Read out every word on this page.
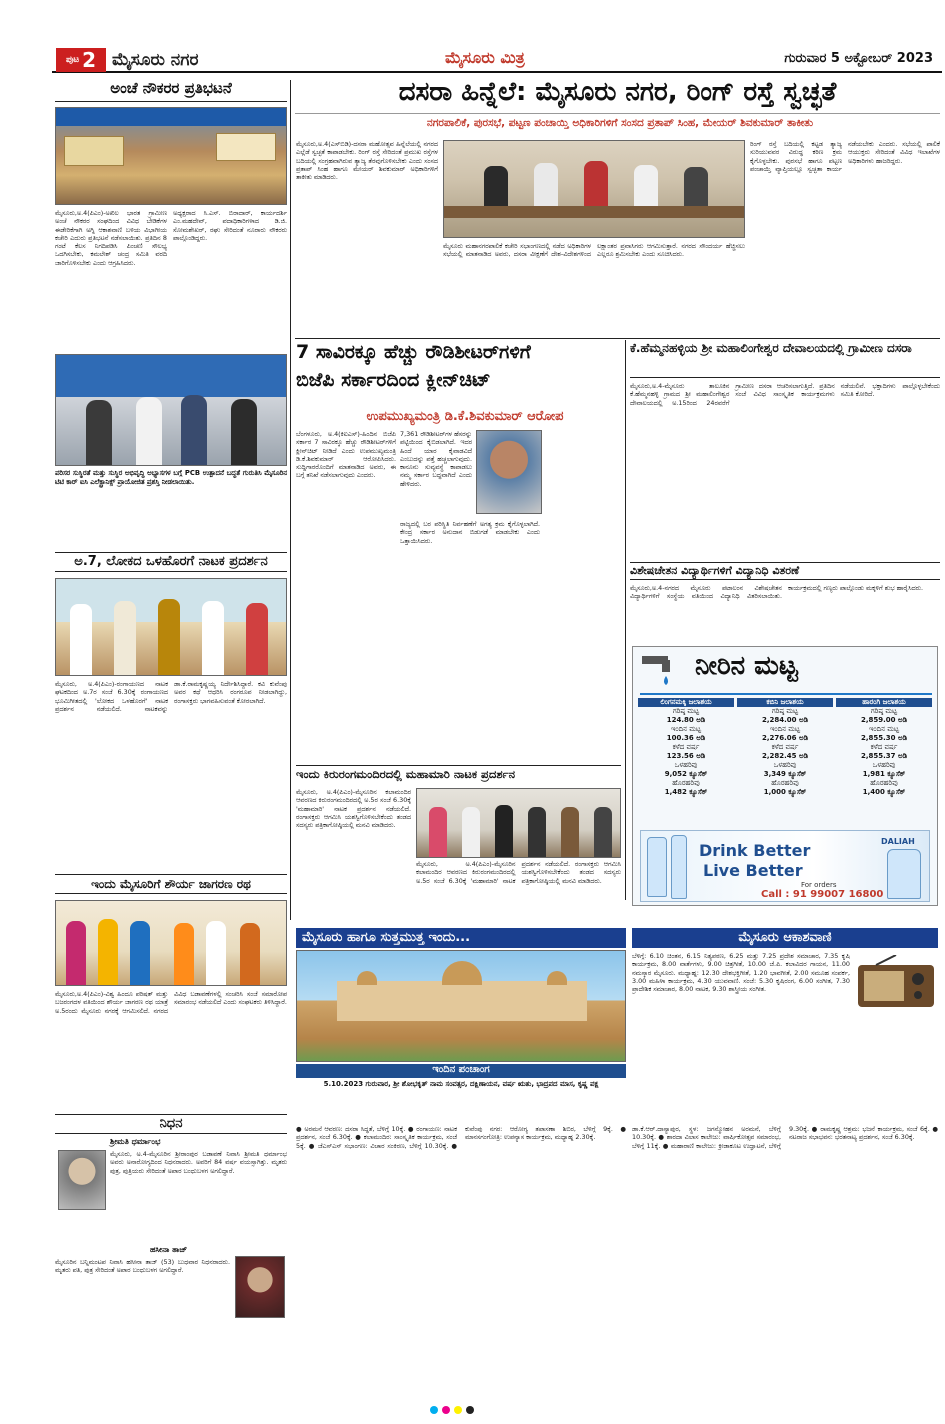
ಪುಟ 2 ಮೈಸೂರು ನಗರ	ಮೈಸೂರು ಮಿತ್ರ	ಗುರುವಾರ 5 ಅಕ್ಟೋಬರ್ 2023
ಅಂಚೆ ನೌಕರರ ಪ್ರತಿಭಟನೆ
ಮೈಸೂರು,ಅ.4(ಪಿಎಂ)-ಅಖಿಲ ಭಾರತ ಗ್ರಾಮೀಣ ಅಂಚೆ ನೌಕರರ ಸಂಘದಿಂದ ವಿವಿಧ ಬೇಡಿಕೆಗಳ ಈಡೇರಿಕೆಗಾಗಿ ಅಗ್ನಿ ಆಕಾಶವಾಣಿ ಬಳಿಯ ವಿಭಾಗೀಯ ಕಚೇರಿ ಎದುರು ಪ್ರತಿಭಟನೆ ನಡೆಸಲಾಯಿತು. ಪ್ರತಿದಿನ 8 ಗಂಟೆ ಕೆಲಸ ನಿಗದಿಪಡಿಸಿ ಪಿಂಚಣಿ ಸೌಲಭ್ಯ ಒದಗಿಸಬೇಕು, ಕಮಲೇಶ್ ಚಂದ್ರ ಸಮಿತಿ ವರದಿ ಜಾರಿಗೊಳಿಸಬೇಕು ಎಂದು ಆಗ್ರಹಿಸಿದರು.
ಅಧ್ಯಕ್ಷರಾದ ಸಿ.ಎಸ್. ಬಿರಾದಾರ್, ಕಾರ್ಯದರ್ಶಿ ಎಂ.ಮಹದೇವ್, ಪದಾಧಿಕಾರಿಗಳಾದ ಡಿ.ಜಿ. ಸೋಮಶೇಖರ್, ರಘು ಸೇರಿದಂತೆ ನೂರಾರು ನೌಕರರು ಪಾಲ್ಗೊಂಡಿದ್ದರು.
ಪರಿಸರ ಸುಸ್ಥಿರತೆ ಮತ್ತು ಸುಸ್ಥಿರ ಅಭಿವೃದ್ಧಿ ಅಭ್ಯಾಸಗಳ ಬಗ್ಗೆ PCB ಉತ್ಪಾದನೆ ಬದ್ಧತೆ ಗುರುತಿಸಿ ಮೈಸೂರಿನ ಟಿಟಿ ಕಾರ್ ಐಸಿ ಎಲೆಕ್ಟ್ರಾನಿಕ್ಸ್ ಪ್ರಾಯೋಜಿತ ಪ್ರಶಸ್ತಿ ನೀಡಲಾಯಿತು.
ಅ.7, ಲೋಕದ ಒಳಹೊರಗೆ ನಾಟಕ ಪ್ರದರ್ಶನ
ಮೈಸೂರು, ಅ.4(ಪಿಎಂ)-ರಂಗಾಯಣದ ನಾಟಕ ಘಟಕದಿಂದ ಅ.7ರ ಸಂಜೆ 6.30ಕ್ಕೆ ರಂಗಾಯಣದ ಭೂಮಿಗೀತದಲ್ಲಿ 'ಲೋಕದ ಒಳಹೊರಗೆ' ನಾಟಕ ಪ್ರದರ್ಶನ ನಡೆಯಲಿದೆ. ನಾಟಕವನ್ನು ಡಾ.ಕೆ.ರಾಮಕೃಷ್ಣಯ್ಯ ನಿರ್ದೇಶಿಸಿದ್ದಾರೆ. ಕವಿ ಕುವೆಂಪು ಅವರ ಕಥೆ ಆಧರಿಸಿ ರಂಗರೂಪ ನೀಡಲಾಗಿದ್ದು, ರಂಗಾಸಕ್ತರು ಭಾಗವಹಿಸುವಂತೆ ಕೋರಲಾಗಿದೆ.
ಇಂದು ಮೈಸೂರಿಗೆ ಶೌರ್ಯ ಜಾಗರಣ ರಥ
ಮೈಸೂರು,ಅ.4(ಪಿಎಂ)-ವಿಶ್ವ ಹಿಂದೂ ಪರಿಷತ್ ಮತ್ತು ಬಜರಂಗದಳ ವತಿಯಿಂದ ಶೌರ್ಯ ಜಾಗರಣ ರಥ ಯಾತ್ರೆ ಅ.5ರಂದು ಮೈಸೂರು ನಗರಕ್ಕೆ ಆಗಮಿಸಲಿದೆ. ನಗರದ ವಿವಿಧ ಬಡಾವಣೆಗಳಲ್ಲಿ ಸಂಚರಿಸಿ ಸಂಜೆ ಸಮಾರೋಪ ಸಮಾರಂಭ ನಡೆಯಲಿದೆ ಎಂದು ಸಂಘಟಕರು ತಿಳಿಸಿದ್ದಾರೆ.
ನಿಧನ
ಶ್ರೀಮತಿ ಧರ್ಮಾಂಭ
ಮೈಸೂರು, ಅ.4-ಮೈಸೂರಿನ ಶ್ರೀರಾಂಪುರ ಬಡಾವಣೆ ನಿವಾಸಿ ಶ್ರೀಮತಿ ಧರ್ಮಾಂಭ ಅವರು ಅನಾರೋಗ್ಯದಿಂದ ನಿಧನರಾದರು. ಅವರಿಗೆ 84 ವರ್ಷ ವಯಸ್ಸಾಗಿತ್ತು. ಮೃತರು ಪುತ್ರ, ಪುತ್ರಿಯರು ಸೇರಿದಂತೆ ಅಪಾರ ಬಂಧುಬಳಗ ಅಗಲಿದ್ದಾರೆ.
ಹಸೀನಾ ತಾಜ್
ಮೈಸೂರಿನ ಬನ್ನಿಮಂಟಪ ನಿವಾಸಿ ಹಸೀನಾ ತಾಜ್ (53) ಬುಧವಾರ ನಿಧನರಾದರು. ಮೃತರು ಪತಿ, ಪುತ್ರ ಸೇರಿದಂತೆ ಅಪಾರ ಬಂಧುಬಳಗ ಅಗಲಿದ್ದಾರೆ.
ದಸರಾ ಹಿನ್ನೆಲೆ: ಮೈಸೂರು ನಗರ, ರಿಂಗ್ ರಸ್ತೆ ಸ್ವಚ್ಛತೆ
ನಗರಪಾಲಿಕೆ, ಪುರಸಭೆ, ಪಟ್ಟಣ ಪಂಚಾಯ್ತಿ ಅಧಿಕಾರಿಗಳಿಗೆ ಸಂಸದ ಪ್ರತಾಪ್ ಸಿಂಹ, ಮೇಯರ್ ಶಿವಕುಮಾರ್ ತಾಕೀತು
ಮೈಸೂರು,ಅ.4(ಎಸ್‌ಬಿಡಿ)-ದಸರಾ ಮಹೋತ್ಸವ ಹಿನ್ನೆಲೆಯಲ್ಲಿ ನಗರದ ಎಲ್ಲೆಡೆ ಸ್ವಚ್ಛತೆ ಕಾಪಾಡಬೇಕು. ರಿಂಗ್ ರಸ್ತೆ ಸೇರಿದಂತೆ ಪ್ರಮುಖ ರಸ್ತೆಗಳ ಬದಿಯಲ್ಲಿ ಸಂಗ್ರಹವಾಗಿರುವ ತ್ಯಾಜ್ಯ ತೆರವುಗೊಳಿಸಬೇಕು ಎಂದು ಸಂಸದ ಪ್ರತಾಪ್ ಸಿಂಹ ಹಾಗೂ ಮೇಯರ್ ಶಿವಕುಮಾರ್ ಅಧಿಕಾರಿಗಳಿಗೆ ತಾಕೀತು ಮಾಡಿದರು.
ಮೈಸೂರು ಮಹಾನಗರಪಾಲಿಕೆ ಕಚೇರಿ ಸಭಾಂಗಣದಲ್ಲಿ ನಡೆದ ಅಧಿಕಾರಿಗಳ ಸಭೆಯಲ್ಲಿ ಮಾತನಾಡಿದ ಅವರು, ದಸರಾ ವೀಕ್ಷಣೆಗೆ ದೇಶ-ವಿದೇಶಗಳಿಂದ ಲಕ್ಷಾಂತರ ಪ್ರವಾಸಿಗರು ಆಗಮಿಸುತ್ತಾರೆ. ನಗರದ ಸೌಂದರ್ಯ ಹೆಚ್ಚಿಸಲು ಎಲ್ಲರೂ ಶ್ರಮಿಸಬೇಕು ಎಂದು ಸೂಚಿಸಿದರು.
ರಿಂಗ್ ರಸ್ತೆ ಬದಿಯಲ್ಲಿ ಕಟ್ಟಡ ತ್ಯಾಜ್ಯ ಸುರಿಯುವವರ ವಿರುದ್ಧ ಕಠಿಣ ಕ್ರಮ ಕೈಗೊಳ್ಳಬೇಕು. ಪುರಸಭೆ ಹಾಗೂ ಪಟ್ಟಣ ಪಂಚಾಯ್ತಿ ವ್ಯಾಪ್ತಿಯಲ್ಲೂ ಸ್ವಚ್ಛತಾ ಕಾರ್ಯ ನಡೆಯಬೇಕು ಎಂದರು. ಸಭೆಯಲ್ಲಿ ಪಾಲಿಕೆ ಆಯುಕ್ತರು ಸೇರಿದಂತೆ ವಿವಿಧ ಇಲಾಖೆಗಳ ಅಧಿಕಾರಿಗಳು ಹಾಜರಿದ್ದರು.
7 ಸಾವಿರಕ್ಕೂ ಹೆಚ್ಚು ರೌಡಿಶೀಟರ್‌ಗಳಿಗೆ
ಬಿಜೆಪಿ ಸರ್ಕಾರದಿಂದ ಕ್ಲೀನ್‌ಚಿಟ್
ಉಪಮುಖ್ಯಮಂತ್ರಿ ಡಿ.ಕೆ.ಶಿವಕುಮಾರ್ ಆರೋಪ
ಬೆಂಗಳೂರು, ಅ.4(ಕಿಐಎಸ್)-ಹಿಂದಿನ ಬಿಜೆಪಿ ಸರ್ಕಾರ 7 ಸಾವಿರಕ್ಕೂ ಹೆಚ್ಚು ರೌಡಿಶೀಟರ್‌ಗಳಿಗೆ ಕ್ಲೀನ್‌ಚಿಟ್ ನೀಡಿದೆ ಎಂದು ಉಪಮುಖ್ಯಮಂತ್ರಿ ಡಿ.ಕೆ.ಶಿವಕುಮಾರ್ ಆರೋಪಿಸಿದರು. ಸುದ್ದಿಗಾರರೊಂದಿಗೆ ಮಾತನಾಡಿದ ಅವರು, ಈ ಬಗ್ಗೆ ತನಿಖೆ ನಡೆಸಲಾಗುವುದು ಎಂದರು.
7,361 ರೌಡಿಶೀಟರ್‌ಗಳ ಹೆಸರನ್ನು ಪಟ್ಟಿಯಿಂದ ಕೈಬಿಡಲಾಗಿದೆ. ಇದರ ಹಿಂದೆ ಯಾರ ಕೈವಾಡವಿದೆ ಎಂಬುದನ್ನು ಪತ್ತೆ ಹಚ್ಚಲಾಗುವುದು. ಕಾನೂನು ಸುವ್ಯವಸ್ಥೆ ಕಾಪಾಡಲು ನಮ್ಮ ಸರ್ಕಾರ ಬದ್ಧವಾಗಿದೆ ಎಂದು ಹೇಳಿದರು.
ರಾಜ್ಯದಲ್ಲಿ ಬರ ಪರಿಸ್ಥಿತಿ ನಿರ್ವಹಣೆಗೆ ಅಗತ್ಯ ಕ್ರಮ ಕೈಗೊಳ್ಳಲಾಗಿದೆ. ಕೇಂದ್ರ ಸರ್ಕಾರ ಅನುದಾನ ಬಿಡುಗಡೆ ಮಾಡಬೇಕು ಎಂದು ಒತ್ತಾಯಿಸಿದರು.
ಇಂದು ಕಿರುರಂಗಮಂದಿರದಲ್ಲಿ ಮಹಾಮಾರಿ ನಾಟಕ ಪ್ರದರ್ಶನ
ಮೈಸೂರು, ಅ.4(ಪಿಎಂ)-ಮೈಸೂರಿನ ಕಲಾಮಂದಿರ ಆವರಣದ ಕಿರುರಂಗಮಂದಿರದಲ್ಲಿ ಅ.5ರ ಸಂಜೆ 6.30ಕ್ಕೆ 'ಮಹಾಮಾರಿ' ನಾಟಕ ಪ್ರದರ್ಶನ ನಡೆಯಲಿದೆ. ರಂಗಾಸಕ್ತರು ಆಗಮಿಸಿ ಯಶಸ್ವಿಗೊಳಿಸಬೇಕೆಂದು ತಂಡದ ಸದಸ್ಯರು ಪತ್ರಿಕಾಗೋಷ್ಠಿಯಲ್ಲಿ ಮನವಿ ಮಾಡಿದರು.
ಮೈಸೂರು, ಅ.4(ಪಿಎಂ)-ಮೈಸೂರಿನ ಕಲಾಮಂದಿರ ಆವರಣದ ಕಿರುರಂಗಮಂದಿರದಲ್ಲಿ ಅ.5ರ ಸಂಜೆ 6.30ಕ್ಕೆ 'ಮಹಾಮಾರಿ' ನಾಟಕ ಪ್ರದರ್ಶನ ನಡೆಯಲಿದೆ. ರಂಗಾಸಕ್ತರು ಆಗಮಿಸಿ ಯಶಸ್ವಿಗೊಳಿಸಬೇಕೆಂದು ತಂಡದ ಸದಸ್ಯರು ಪತ್ರಿಕಾಗೋಷ್ಠಿಯಲ್ಲಿ ಮನವಿ ಮಾಡಿದರು.
ಕೆ.ಹೆಮ್ಮನಹಳ್ಳಿಯ ಶ್ರೀ ಮಹಾಲಿಂಗೇಶ್ವರ ದೇವಾಲಯದಲ್ಲಿ ಗ್ರಾಮೀಣ ದಸರಾ
ಮೈಸೂರು,ಅ.4-ಮೈಸೂರು ತಾಲೂಕಿನ ಕೆ.ಹೆಮ್ಮನಹಳ್ಳಿ ಗ್ರಾಮದ ಶ್ರೀ ಮಹಾಲಿಂಗೇಶ್ವರ ದೇವಾಲಯದಲ್ಲಿ ಅ.15ರಿಂದ 24ರವರೆಗೆ ಗ್ರಾಮೀಣ ದಸರಾ ಆಚರಿಸಲಾಗುತ್ತಿದೆ. ಪ್ರತಿದಿನ ಸಂಜೆ ವಿವಿಧ ಸಾಂಸ್ಕೃತಿಕ ಕಾರ್ಯಕ್ರಮಗಳು ನಡೆಯಲಿವೆ. ಭಕ್ತಾದಿಗಳು ಪಾಲ್ಗೊಳ್ಳಬೇಕೆಂದು ಸಮಿತಿ ಕೋರಿದೆ.
ವಿಶೇಷಚೇತನ ವಿದ್ಯಾರ್ಥಿಗಳಿಗೆ ವಿದ್ಯಾನಿಧಿ ವಿತರಣೆ
ಮೈಸೂರು,ಅ.4-ನಗರದ ಮೈಸೂರು ಪಟಾಲಂನ ವಿಶೇಷಚೇತನ ವಿದ್ಯಾರ್ಥಿಗಳಿಗೆ ಸಂಸ್ಥೆಯ ವತಿಯಿಂದ ವಿದ್ಯಾನಿಧಿ ವಿತರಿಸಲಾಯಿತು. ಕಾರ್ಯಕ್ರಮದಲ್ಲಿ ಗಣ್ಯರು ಪಾಲ್ಗೊಂಡು ಮಕ್ಕಳಿಗೆ ಶುಭ ಹಾರೈಸಿದರು.
ನೀರಿನ ಮಟ್ಟ
ಲಿಂಗನಮಕ್ಕಿ ಜಲಾಶಯ
ಗರಿಷ್ಠ ಮಟ್ಟ
124.80 ಅಡಿ
ಇಂದಿನ ಮಟ್ಟ
100.36 ಅಡಿ
ಕಳೆದ ವರ್ಷ
123.56 ಅಡಿ
ಒಳಹರಿವು
9,052 ಕ್ಯೂಸೆಕ್
ಹೊರಹರಿವು
1,482 ಕ್ಯೂಸೆಕ್
ಕಬಿನಿ ಜಲಾಶಯ
ಗರಿಷ್ಠ ಮಟ್ಟ
2,284.00 ಅಡಿ
ಇಂದಿನ ಮಟ್ಟ
2,276.06 ಅಡಿ
ಕಳೆದ ವರ್ಷ
2,282.45 ಅಡಿ
ಒಳಹರಿವು
3,349 ಕ್ಯೂಸೆಕ್
ಹೊರಹರಿವು
1,000 ಕ್ಯೂಸೆಕ್
ಹಾರಂಗಿ ಜಲಾಶಯ
ಗರಿಷ್ಠ ಮಟ್ಟ
2,859.00 ಅಡಿ
ಇಂದಿನ ಮಟ್ಟ
2,855.30 ಅಡಿ
ಕಳೆದ ವರ್ಷ
2,855.37 ಅಡಿ
ಒಳಹರಿವು
1,981 ಕ್ಯೂಸೆಕ್
ಹೊರಹರಿವು
1,400 ಕ್ಯೂಸೆಕ್
Drink Better
Live Better
For orders
Call : 91 99007 16800
DALIAH
ಮೈಸೂರು ಹಾಗೂ ಸುತ್ತಮುತ್ತ ಇಂದು...
ಇಂದಿನ ಪಂಚಾಂಗ
5.10.2023 ಗುರುವಾರ, ಶ್ರೀ ಶೋಭಕೃತ್ ನಾಮ ಸಂವತ್ಸರ, ದಕ್ಷಿಣಾಯನ, ವರ್ಷ ಋತು, ಭಾದ್ರಪದ ಮಾಸ, ಕೃಷ್ಣ ಪಕ್ಷ
● ಅರಮನೆ ಆವರಣ: ದಸರಾ ಸಿದ್ಧತೆ, ಬೆಳಿಗ್ಗೆ 10ಕ್ಕೆ. ● ರಂಗಾಯಣ: ನಾಟಕ ಪ್ರದರ್ಶನ, ಸಂಜೆ 6.30ಕ್ಕೆ. ● ಕಲಾಮಂದಿರ: ಸಾಂಸ್ಕೃತಿಕ ಕಾರ್ಯಕ್ರಮ, ಸಂಜೆ 5ಕ್ಕೆ. ● ಜೆಎಸ್‌ಎಸ್ ಸಭಾಂಗಣ: ವಿಚಾರ ಸಂಕಿರಣ, ಬೆಳಿಗ್ಗೆ 10.30ಕ್ಕೆ. ● ಕುವೆಂಪು ನಗರ: ಆರೋಗ್ಯ ತಪಾಸಣಾ ಶಿಬಿರ, ಬೆಳಿಗ್ಗೆ 9ಕ್ಕೆ. ● ಮಾನಸಗಂಗೋತ್ರಿ: ಉಪನ್ಯಾಸ ಕಾರ್ಯಕ್ರಮ, ಮಧ್ಯಾಹ್ನ 2.30ಕ್ಕೆ.
ಮೈಸೂರು ಆಕಾಶವಾಣಿ
ಬೆಳಿಗ್ಗೆ: 6.10 ಚಿಂತನ, 6.15 ನಿತ್ಯಪಠಣ, 6.25 ಮತ್ತು 7.25 ಪ್ರದೇಶ ಸಮಾಚಾರ, 7.35 ಕೃಷಿ ಕಾರ್ಯಕ್ರಮ, 8.00 ವಾರ್ತೆಗಳು, 9.00 ಚಿತ್ರಗೀತೆ, 10.00 ಜೆ.ಪಿ. ಕಲಾವಿದರ ಗಾಯನ, 11.00 ನಮಸ್ಕಾರ ಮೈಸೂರು. ಮಧ್ಯಾಹ್ನ: 12.30 ದೇಶಭಕ್ತಿಗೀತೆ, 1.20 ಭಾವಗೀತೆ, 2.00 ಸಮೂಹ ಸಂಪರ್ಕ, 3.00 ಮಹಿಳಾ ಕಾರ್ಯಕ್ರಮ, 4.30 ಯುವವಾಣಿ. ಸಂಜೆ: 5.30 ಕೃಷಿರಂಗ, 6.00 ಸಂಗೀತ, 7.30 ಪ್ರಾದೇಶಿಕ ಸಮಾಚಾರ, 8.00 ನಾಟಕ, 9.30 ಶಾಸ್ತ್ರೀಯ ಸಂಗೀತ.
ಡಾ.ಕೆ.ಆರ್.ದಾಸ್ಯಾಪುರ, ಸ್ಥಳ: ಜಗನ್ಮೋಹನ ಅರಮನೆ, ಬೆಳಿಗ್ಗೆ 10.30ಕ್ಕೆ. ● ಶಾರದಾ ವಿಲಾಸ ಕಾಲೇಜು: ವಾರ್ಷಿಕೋತ್ಸವ ಸಮಾರಂಭ, ಬೆಳಿಗ್ಗೆ 11ಕ್ಕೆ. ● ಮಹಾರಾಣಿ ಕಾಲೇಜು: ಕ್ರೀಡಾಕೂಟ ಉದ್ಘಾಟನೆ, ಬೆಳಿಗ್ಗೆ 9.30ಕ್ಕೆ. ● ರಾಮಕೃಷ್ಣ ಆಶ್ರಮ: ಭಜನೆ ಕಾರ್ಯಕ್ರಮ, ಸಂಜೆ 6ಕ್ಕೆ. ● ನಟರಾಜ ಸಭಾಭವನ: ಭರತನಾಟ್ಯ ಪ್ರದರ್ಶನ, ಸಂಜೆ 6.30ಕ್ಕೆ.
